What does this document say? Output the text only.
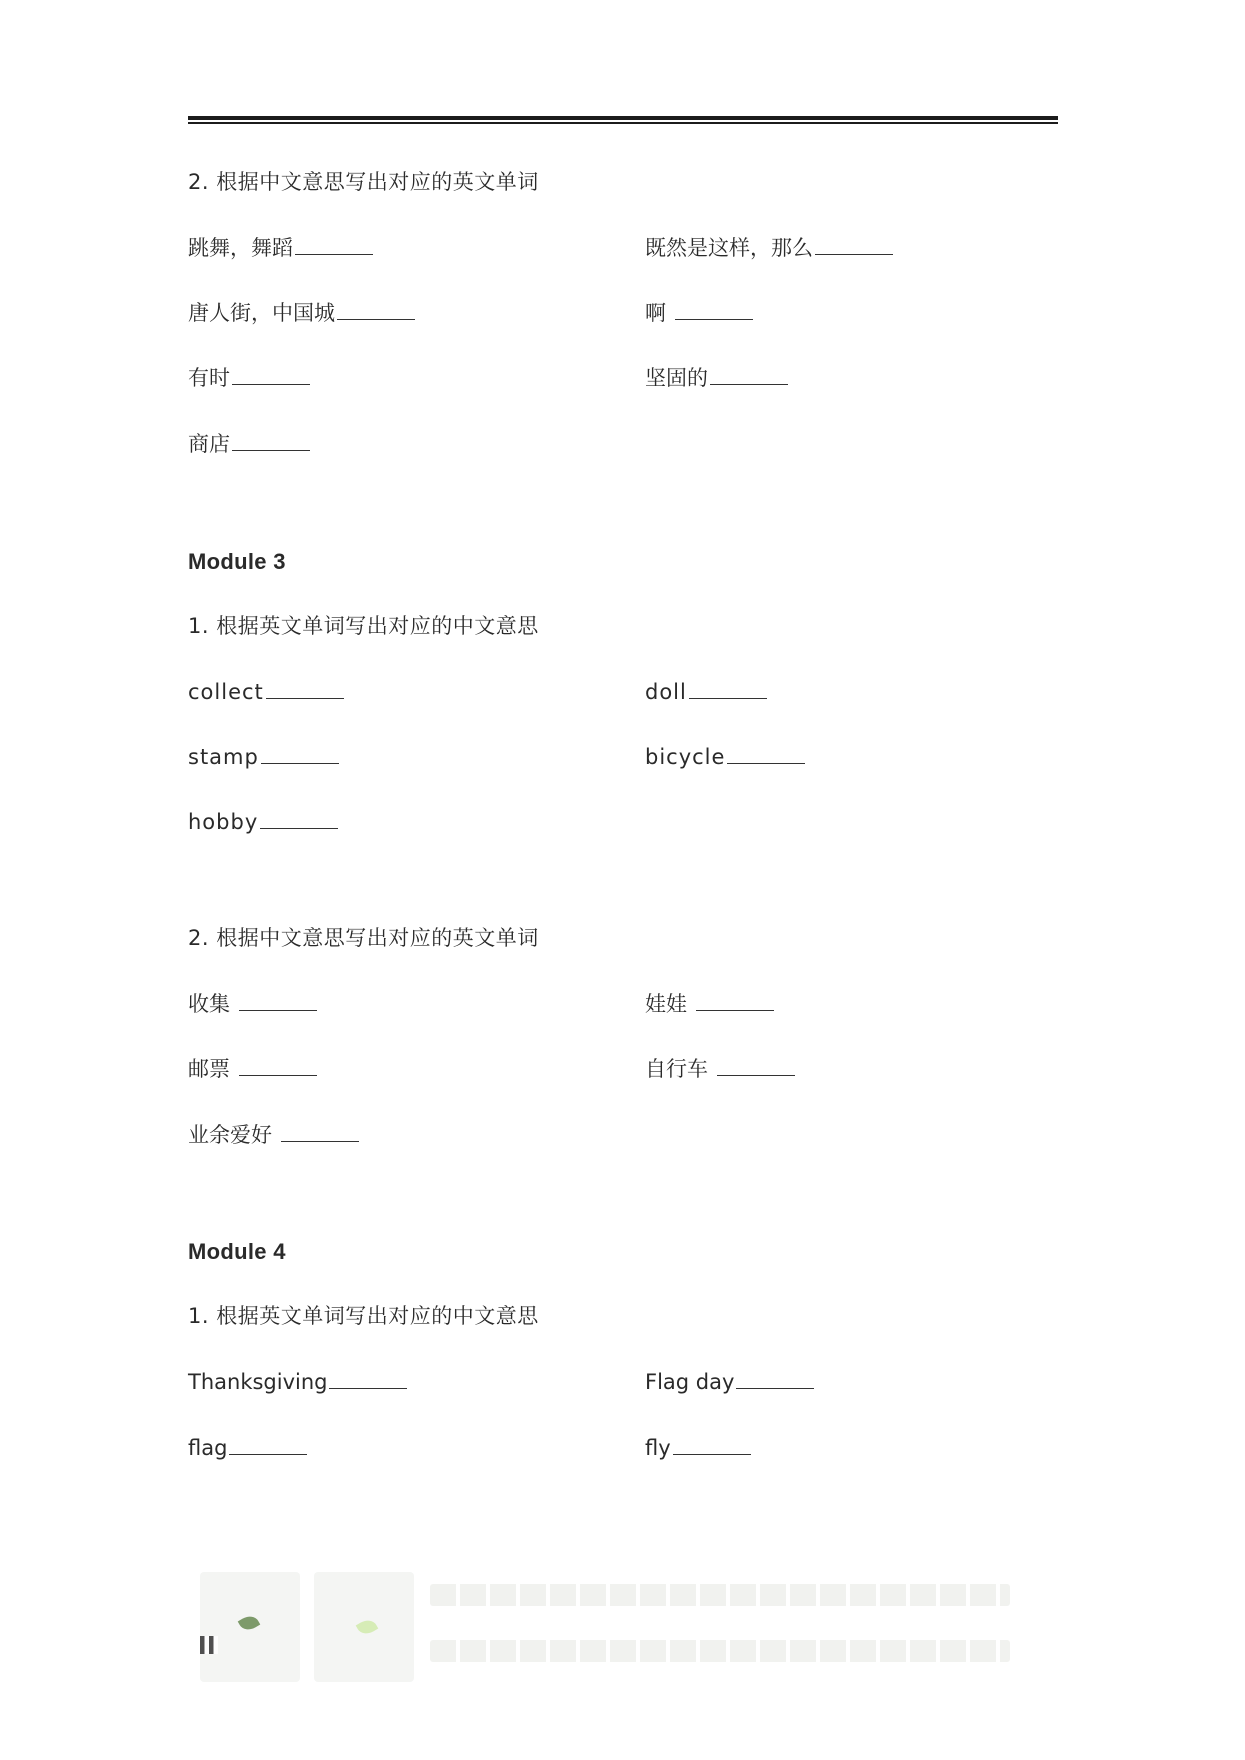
2. 根据中文意思写出对应的英文单词
跳舞，舞蹈	既然是这样，那么
唐人街，中国城	啊
有时	坚固的
商店
Module 3
1. 根据英文单词写出对应的中文意思
collect	doll
stamp	bicycle
hobby
2. 根据中文意思写出对应的英文单词
收集	娃娃
邮票	自行车
业余爱好
Module 4
1. 根据英文单词写出对应的中文意思
Thanksgiving	Flag day
flag	fly
